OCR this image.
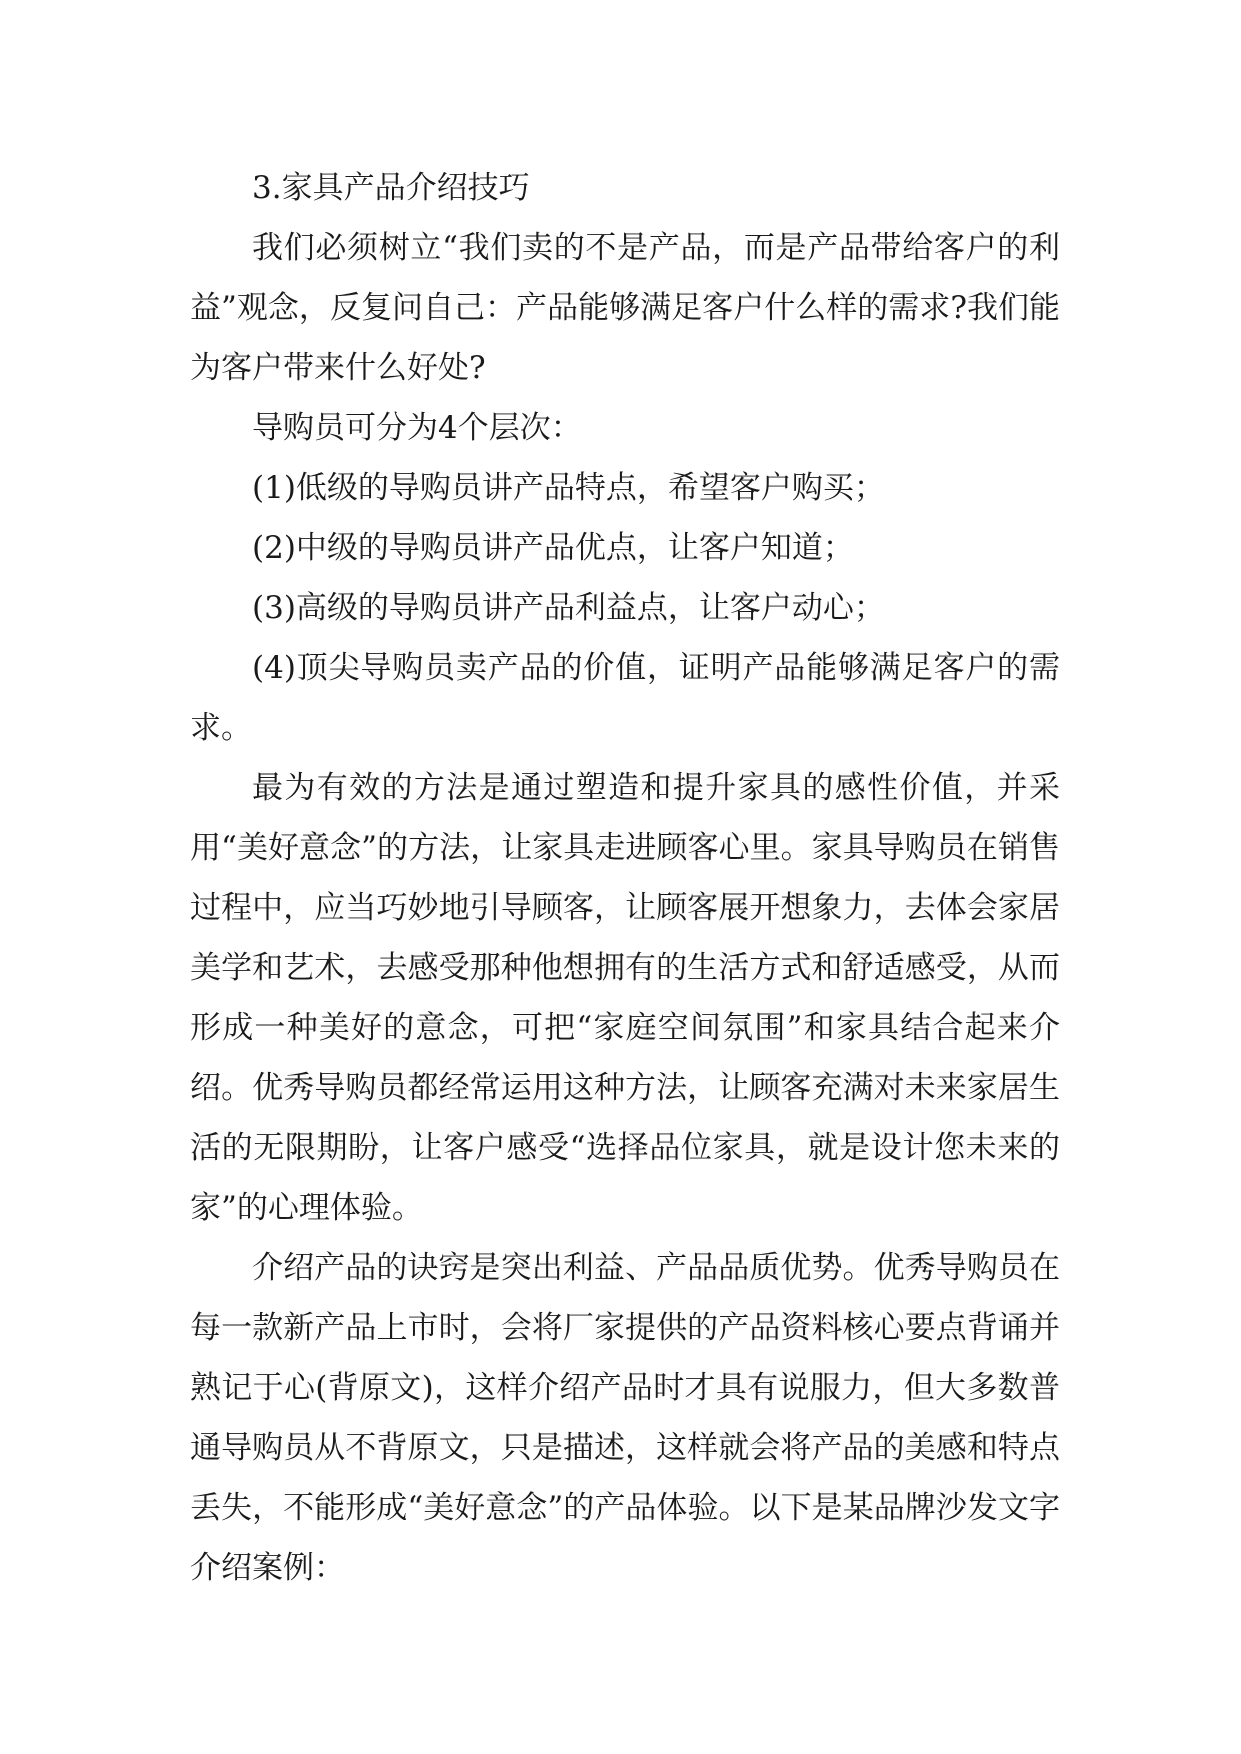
3.家具产品介绍技巧

我们必须树立“我们卖的不是产品，而是产品带给客户的利益”观念，反复问自己：产品能够满足客户什么样的需求?我们能为客户带来什么好处?

导购员可分为4个层次：

(1)低级的导购员讲产品特点，希望客户购买；

(2)中级的导购员讲产品优点，让客户知道；

(3)高级的导购员讲产品利益点，让客户动心；

(4)顶尖导购员卖产品的价值，证明产品能够满足客户的需求。

最为有效的方法是通过塑造和提升家具的感性价值，并采用“美好意念”的方法，让家具走进顾客心里。家具导购员在销售过程中，应当巧妙地引导顾客，让顾客展开想象力，去体会家居美学和艺术，去感受那种他想拥有的生活方式和舒适感受，从而形成一种美好的意念，可把“家庭空间氛围”和家具结合起来介绍。优秀导购员都经常运用这种方法，让顾客充满对未来家居生活的无限期盼，让客户感受“选择品位家具，就是设计您未来的家”的心理体验。

介绍产品的诀窍是突出利益、产品品质优势。优秀导购员在每一款新产品上市时，会将厂家提供的产品资料核心要点背诵并熟记于心(背原文)，这样介绍产品时才具有说服力，但大多数普通导购员从不背原文，只是描述，这样就会将产品的美感和特点丢失，不能形成“美好意念”的产品体验。以下是某品牌沙发文字介绍案例：
